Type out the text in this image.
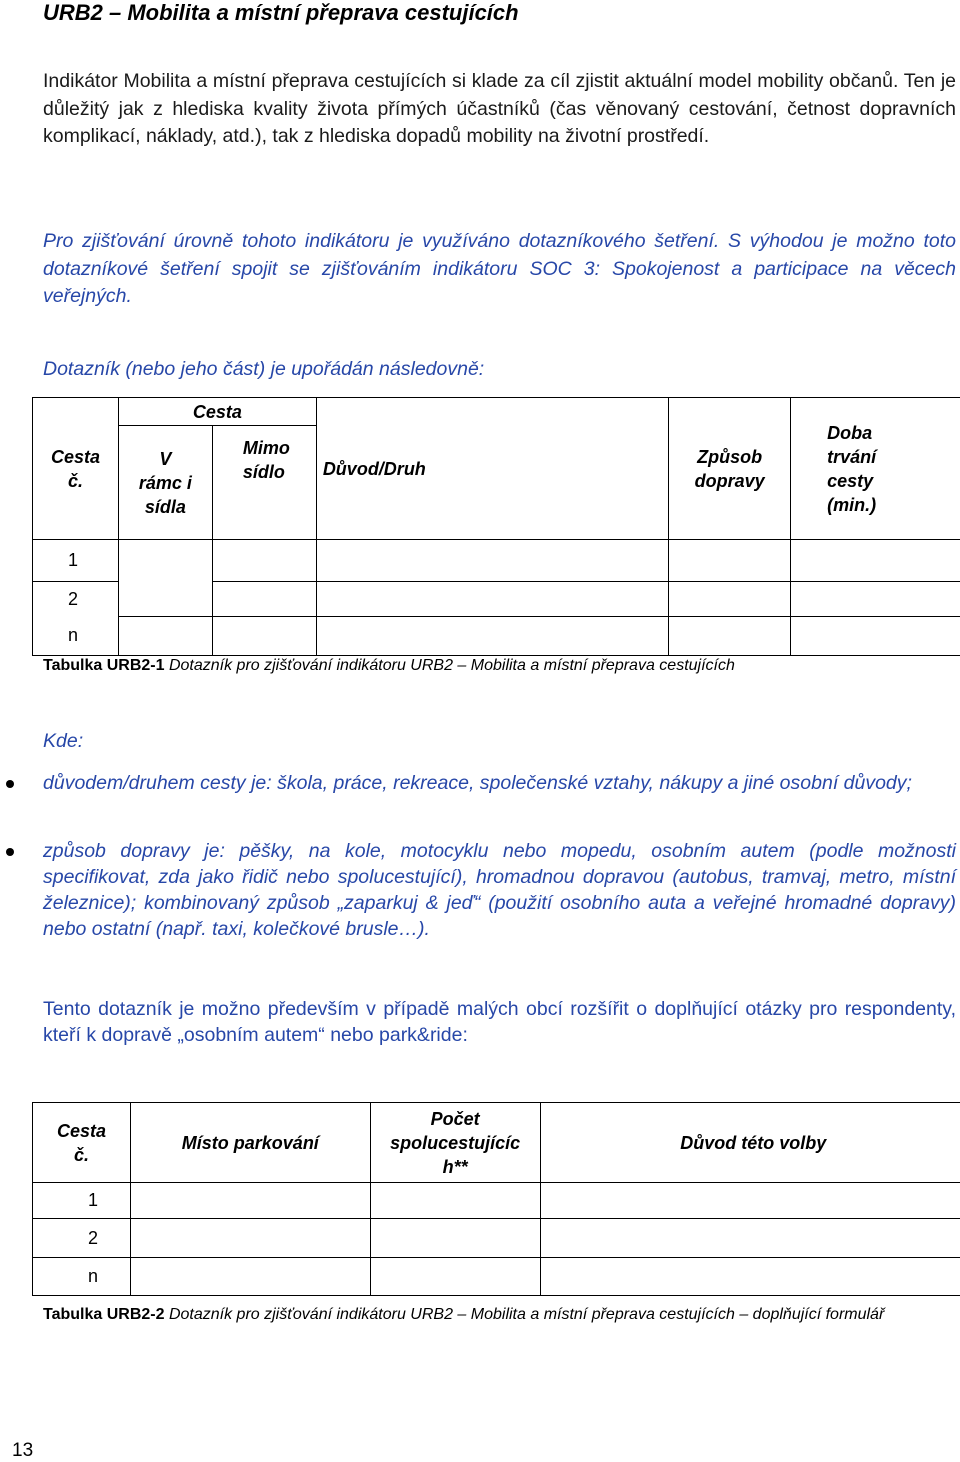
URB2 – Mobilita a místní přeprava cestujících
Indikátor Mobilita a místní přeprava cestujících si klade za cíl zjistit aktuální model mobility občanů. Ten je důležitý jak z hlediska kvality života přímých účastníků (čas věnovaný cestování, četnost dopravních komplikací, náklady, atd.), tak z hlediska dopadů mobility na životní prostředí.
Pro zjišťování úrovně tohoto indikátoru je využíváno dotazníkového šetření. S výhodou je možno toto dotazníkové šetření spojit se zjišťováním indikátoru SOC 3: Spokojenost a participace na věcech veřejných.
Dotazník (nebo jeho část) je upořádán následovně:
Cesta č.	Cesta		Důvod/Druh	Způsob dopravy	Doba trvání cesty (min.)
	V rámc i sídla	Mimo sídlo			
1					
2					
n					
Tabulka URB2-1 Dotazník pro zjišťování indikátoru URB2 – Mobilita a místní přeprava cestujících
Kde:
důvodem/druhem cesty je: škola, práce, rekreace, společenské vztahy, nákupy a jiné osobní důvody;
způsob dopravy je: pěšky, na kole, motocyklu nebo mopedu, osobním autem (podle možnosti specifikovat, zda jako řidič nebo spolucestující), hromadnou dopravou (autobus, tramvaj, metro, místní železnice); kombinovaný způsob „zaparkuj & jeď“ (použití osobního auta a veřejné hromadné dopravy) nebo ostatní (např. taxi, kolečkové brusle…).
Tento dotazník je možno především v případě malých obcí rozšířit o doplňující otázky pro respondenty, kteří k dopravě „osobním autem“ nebo park&ride:
Cesta č.	Místo parkování	Počet spolucestujícíc h**	Důvod této volby
1			
2			
n			
Tabulka URB2-2 Dotazník pro zjišťování indikátoru URB2 – Mobilita a místní přeprava cestujících – doplňující formulář
13
